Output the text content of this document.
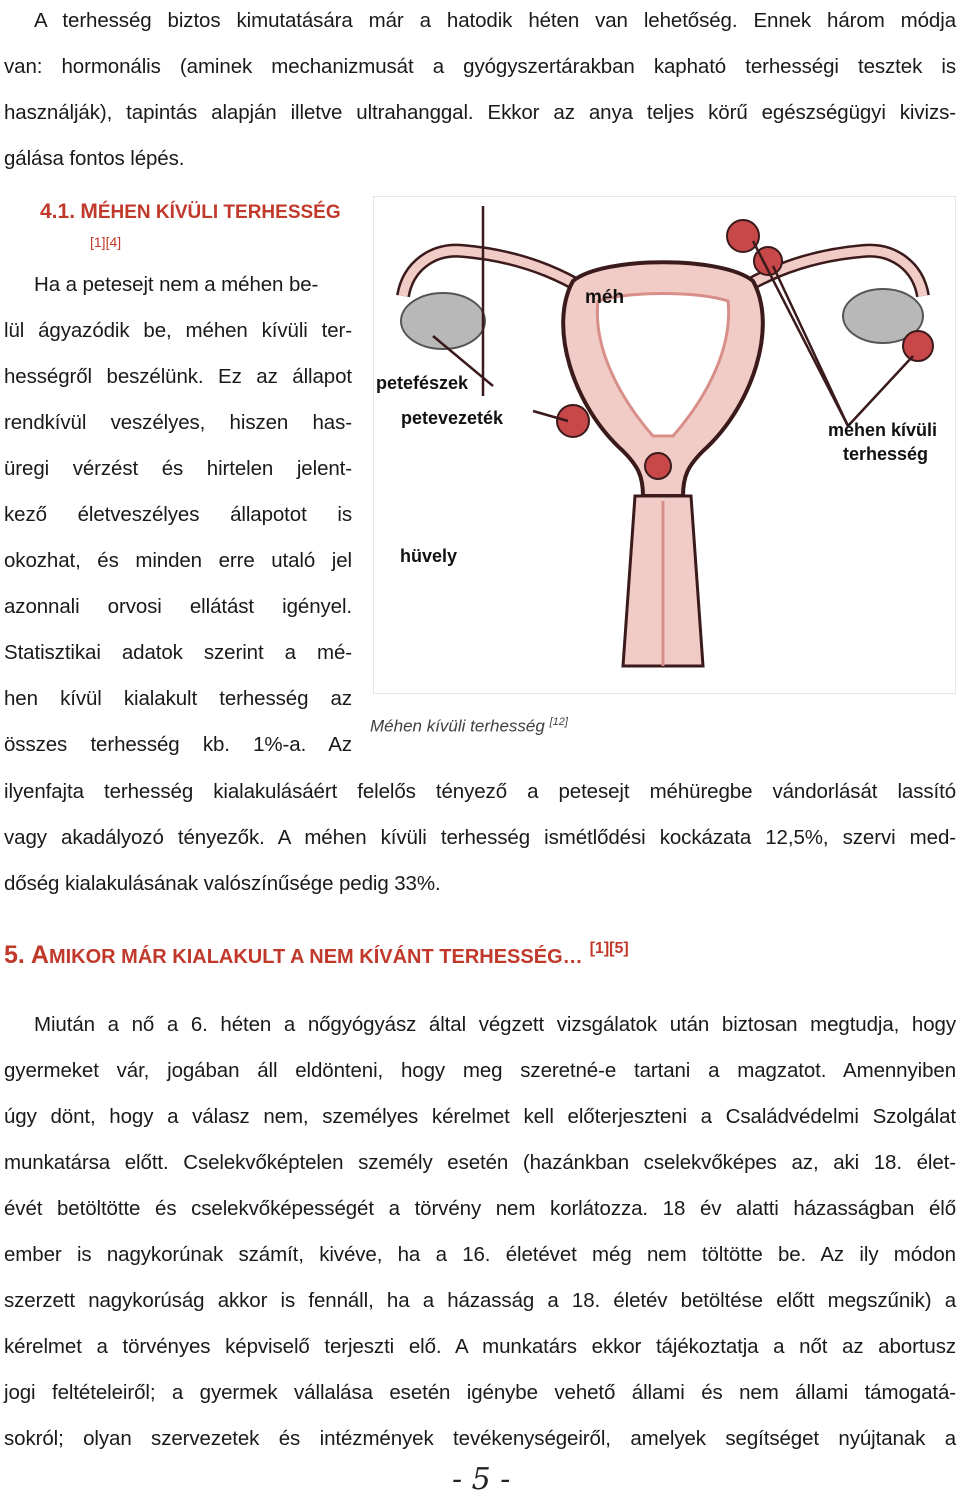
A terhesség biztos kimutatására már a hatodik héten van lehetőség. Ennek három módja
van: hormonális (aminek mechanizmusát a gyógyszertárakban kapható terhességi tesztek is
használják), tapintás alapján illetve ultrahanggal. Ekkor az anya teljes körű egészségügyi kivizs-
gálása fontos lépés.
4.1. MÉHEN KÍVÜLI TERHESSÉG
[1][4]
Ha a petesejt nem a méhen be-
lül ágyazódik be, méhen kívüli ter-
hességről beszélünk. Ez az állapot
rendkívül veszélyes, hiszen has-
üregi vérzést és hirtelen jelent-
kező életveszélyes állapotot is
okozhat, és minden erre utaló jel
azonnali orvosi ellátást igényel.
Statisztikai adatok szerint a mé-
hen kívül kialakult terhesség az
összes terhesség kb. 1%-a. Az
méh
petefészek
petevezeték
méhen kívüli
terhesség
hüvely
Méhen kívüli terhesség [12]
ilyenfajta terhesség kialakulásáért felelős tényező a petesejt méhüregbe vándorlását lassító
vagy akadályozó tényezők. A méhen kívüli terhesség ismétlődési kockázata 12,5%, szervi med-
dőség kialakulásának valószínűsége pedig 33%.
5. AMIKOR MÁR KIALAKULT A NEM KÍVÁNT TERHESSÉG… [1][5]
Miután a nő a 6. héten a nőgyógyász által végzett vizsgálatok után biztosan megtudja, hogy
gyermeket vár, jogában áll eldönteni, hogy meg szeretné-e tartani a magzatot. Amennyiben
úgy dönt, hogy a válasz nem, személyes kérelmet kell előterjeszteni a Családvédelmi Szolgálat
munkatársa előtt. Cselekvőképtelen személy esetén (hazánkban cselekvőképes az, aki 18. élet-
évét betöltötte és cselekvőképességét a törvény nem korlátozza. 18 év alatti házasságban élő
ember is nagykorúnak számít, kivéve, ha a 16. életévet még nem töltötte be. Az ily módon
szerzett nagykorúság akkor is fennáll, ha a házasság a 18. életév betöltése előtt megszűnik) a
kérelmet a törvényes képviselő terjeszti elő. A munkatárs ekkor tájékoztatja a nőt az abortusz
jogi feltételeiről; a gyermek vállalása esetén igénybe vehető állami és nem állami támogatá-
sokról; olyan szervezetek és intézmények tevékenységeiről, amelyek segítséget nyújtanak a
- 5 -
